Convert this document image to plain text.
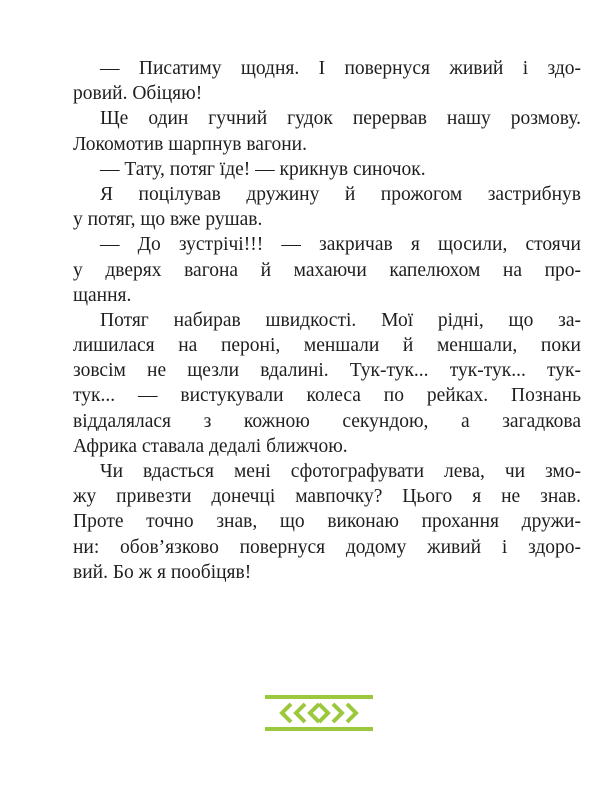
— Писатиму щодня. І повернуся живий і здо-
ровий. Обіцяю!
Ще один гучний гудок перервав нашу розмову.
Локомотив шарпнув вагони.
— Тату, потяг їде! — крикнув синочок.
Я поцілував дружину й прожогом застрибнув
у потяг, що вже рушав.
— До зустрічі!!! — закричав я щосили, стоячи
у дверях вагона й махаючи капелюхом на про-
щання.
Потяг набирав швидкості. Мої рідні, що за-
лишилася на пероні, меншали й меншали, поки
зовсім не щезли вдалині. Тук-тук... тук-тук... тук-
тук... — вистукували колеса по рейках. Познань
віддалялася з кожною секундою, а загадкова
Африка ставала дедалі ближчою.
Чи вдасться мені сфотографувати лева, чи змо-
жу привезти донечці мавпочку? Цього я не знав.
Проте точно знав, що виконаю прохання дружи-
ни: обов’язково повернуся додому живий і здоро-
вий. Бо ж я пообіцяв!
